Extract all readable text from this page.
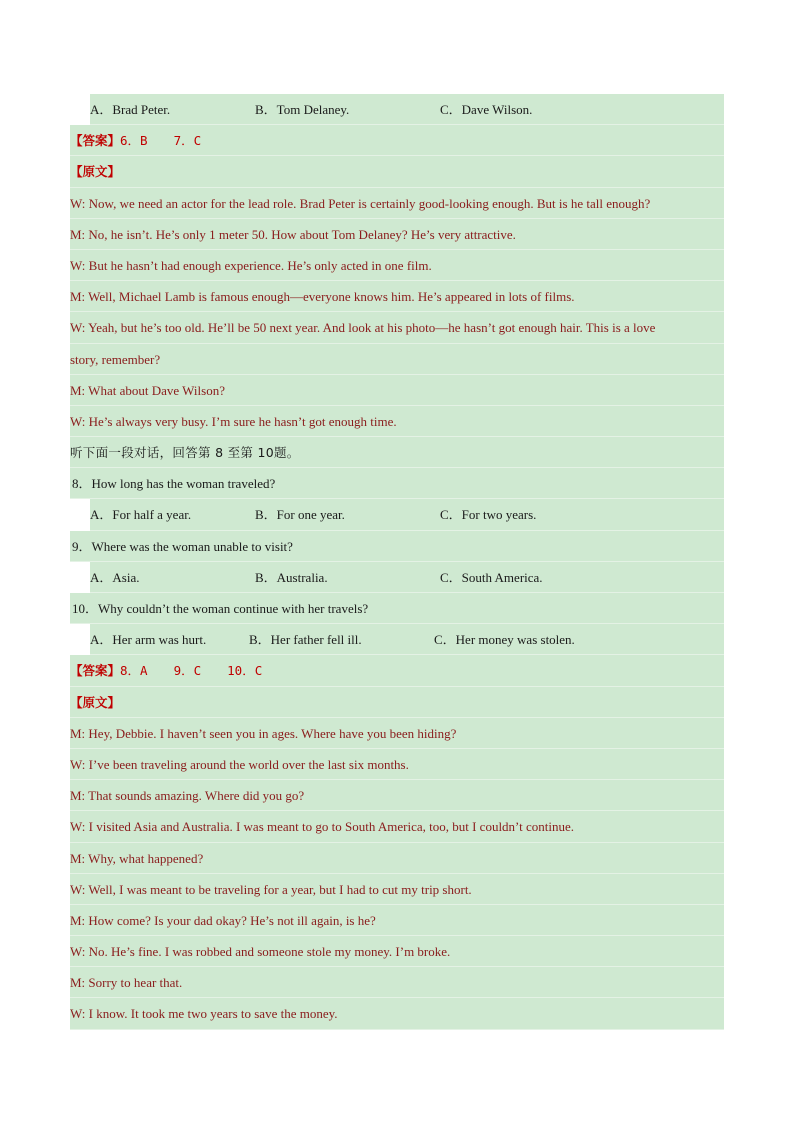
A．Brad Peter.	B．Tom Delaney.	C．Dave Wilson.
【答案】6．B 7．C
【原文】
W: Now, we need an actor for the lead role. Brad Peter is certainly good-looking enough. But is he tall enough?
M: No, he isn’t. He’s only 1 meter 50. How about Tom Delaney? He’s very attractive.
W: But he hasn’t had enough experience. He’s only acted in one film.
M: Well, Michael Lamb is famous enough—everyone knows him. He’s appeared in lots of films.
W: Yeah, but he’s too old. He’ll be 50 next year. And look at his photo—he hasn’t got enough hair. This is a love
story, remember?
M: What about Dave Wilson?
W: He’s always very busy. I’m sure he hasn’t got enough time.
听下面一段对话，回答第 8 至第 10题。
8．How long has the woman traveled?
A．For half a year.	B．For one year.	C．For two years.
9．Where was the woman unable to visit?
A．Asia.	B．Australia.	C．South America.
10．Why couldn’t the woman continue with her travels?
A．Her arm was hurt.	B．Her father fell ill.	C．Her money was stolen.
【答案】8．A 9．C 10．C
【原文】
M: Hey, Debbie. I haven’t seen you in ages. Where have you been hiding?
W: I’ve been traveling around the world over the last six months.
M: That sounds amazing. Where did you go?
W: I visited Asia and Australia. I was meant to go to South America, too, but I couldn’t continue.
M: Why, what happened?
W: Well, I was meant to be traveling for a year, but I had to cut my trip short.
M: How come? Is your dad okay? He’s not ill again, is he?
W: No. He’s fine. I was robbed and someone stole my money. I’m broke.
M: Sorry to hear that.
W: I know. It took me two years to save the money.
